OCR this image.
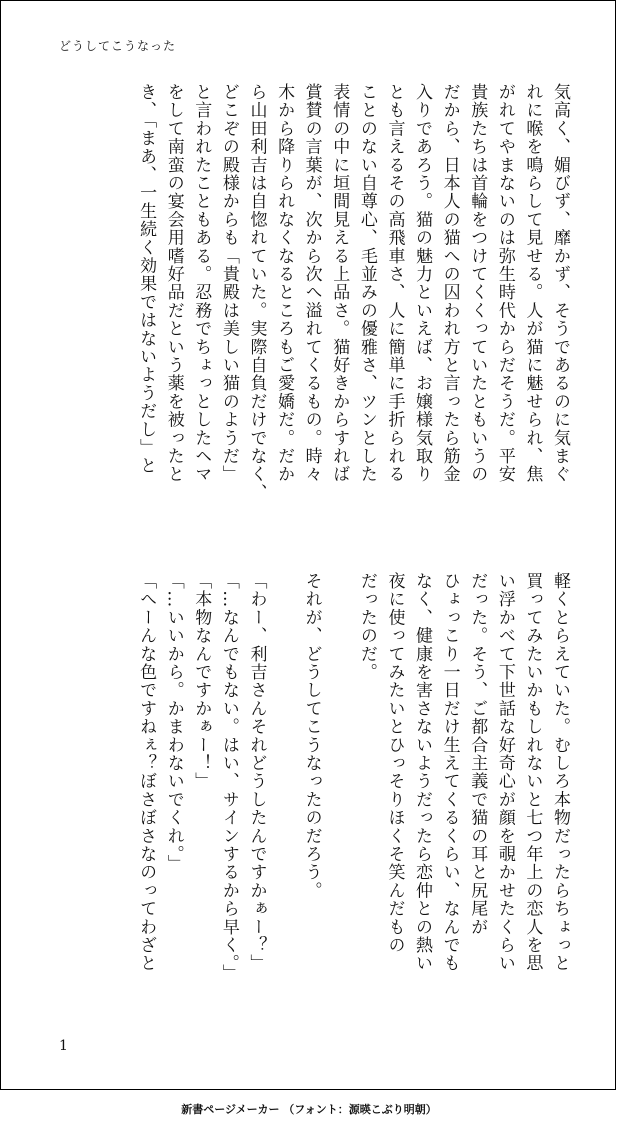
どうしてこうなった

気高く、媚びず、靡かず、そうであるのに気まぐ

れに喉を鳴らして見せる。人が猫に魅せられ、焦

がれてやまないのは弥生時代からだそうだ。平安

貴族たちは首輪をつけてくくっていたともいうの

だから、日本人の猫への囚われ方と言ったら筋金

入りであろう。猫の魅力といえば、お嬢様気取り

とも言えるその高飛車さ、人に簡単に手折られる

ことのない自尊心、毛並みの優雅さ、ツンとした

表情の中に垣間見える上品さ。猫好きからすれば

賞賛の言葉が、次から次へ溢れてくるもの。時々

木から降りられなくなるところもご愛嬌だ。だか

ら山田利吉は自惚れていた。実際自負だけでなく、

どこぞの殿様からも「貴殿は美しい猫のようだ」

と言われたこともある。忍務でちょっとしたヘマ

をして南蛮の宴会用嗜好品だという薬を被ったと

き、「まあ、一生続く効果ではないようだし」と

軽くとらえていた。むしろ本物だったらちょっと

買ってみたいかもしれないと七つ年上の恋人を思

い浮かべて下世話な好奇心が顔を覗かせたくらい

だった。そう、ご都合主義で猫の耳と尻尾が

ひょっこり一日だけ生えてくるくらい、なんでも

なく、健康を害さないようだったら恋仲との熱い

夜に使ってみたいとひっそりほくそ笑んだもの

だったのだ。

それが、どうしてこうなったのだろう。

「わー、利吉さんそれどうしたんですかぁー？」

「…なんでもない。はい、サインするから早く。」

「本物なんですかぁー！」

「…いいから。かまわないでくれ。」

「へーんな色ですねぇ？ぼさぼさなのってわざと

1
新書ページメーカー （フォント：源暎こぶり明朝）
